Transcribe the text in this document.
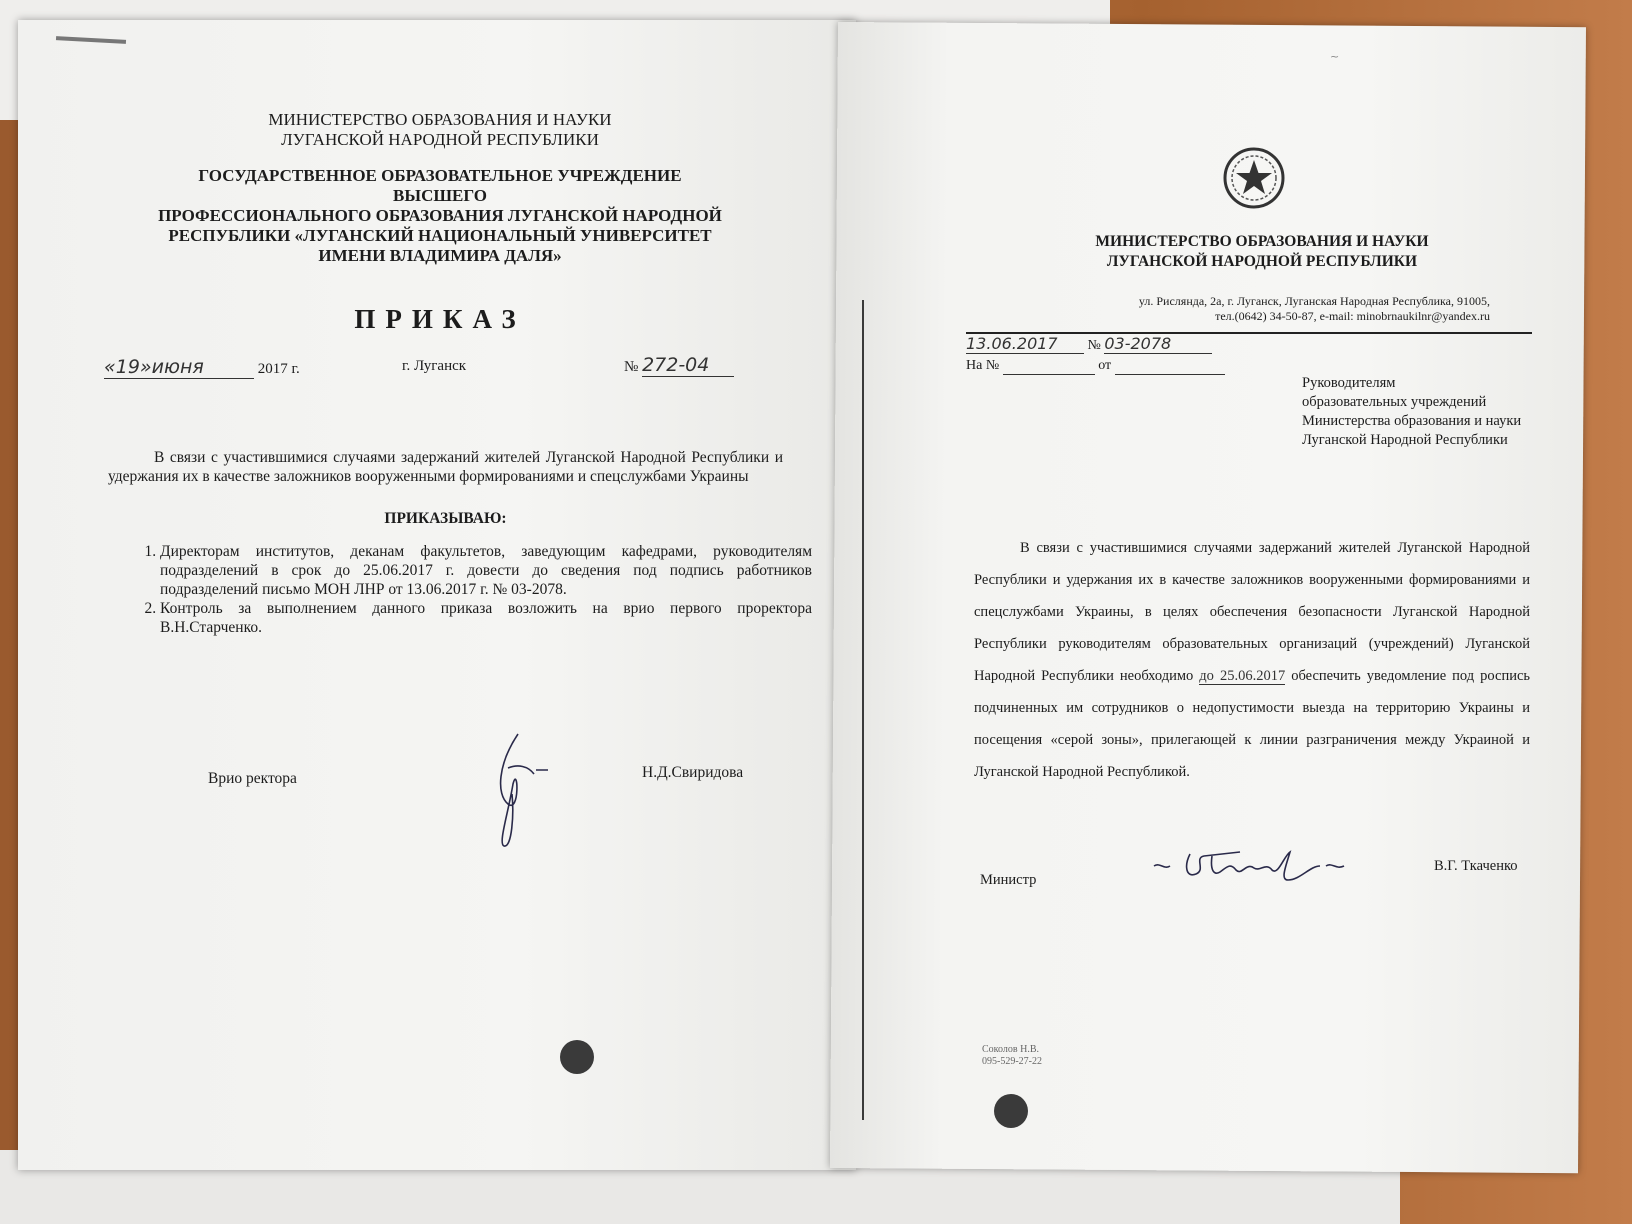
МИНИСТЕРСТВО ОБРАЗОВАНИЯ И НАУКИ
ЛУГАНСКОЙ НАРОДНОЙ РЕСПУБЛИКИ
ГОСУДАРСТВЕННОЕ ОБРАЗОВАТЕЛЬНОЕ УЧРЕЖДЕНИЕ
ВЫСШЕГО
ПРОФЕССИОНАЛЬНОГО ОБРАЗОВАНИЯ ЛУГАНСКОЙ НАРОДНОЙ
РЕСПУБЛИКИ «ЛУГАНСКИЙ НАЦИОНАЛЬНЫЙ УНИВЕРСИТЕТ
ИМЕНИ ВЛАДИМИРА ДАЛЯ»
ПРИКАЗ
«19»июня	2017 г.	г. Луганск	№ 272-04
В связи с участившимися случаями задержаний жителей Луганской Народной Республики и удержания их в качестве заложников вооруженными формированиями и спецслужбами Украины
ПРИКАЗЫВАЮ:
1. Директорам институтов, деканам факультетов, заведующим кафедрами, руководителям подразделений в срок до 25.06.2017 г. довести до сведения под подпись работников подразделений письмо МОН ЛНР от 13.06.2017 г. № 03-2078.
2. Контроль за выполнением данного приказа возложить на врио первого проректора В.Н.Старченко.
Врио ректора	Н.Д.Свиридова
~
МИНИСТЕРСТВО ОБРАЗОВАНИЯ И НАУКИ
ЛУГАНСКОЙ НАРОДНОЙ РЕСПУБЛИКИ
ул. Рисляндa, 2а, г. Луганск, Луганская Народная Республика, 91005,
тел.(0642) 34-50-87, e-mail: minobrnaukilnr@yandex.ru
13.06.2017 № 03-2078
На №	от
Руководителям
образовательных учреждений
Министерства образования и науки
Луганской Народной Республики
В связи с участившимися случаями задержаний жителей Луганской Народной Республики и удержания их в качестве заложников вооруженными формированиями и спецслужбами Украины, в целях обеспечения безопасности Луганской Народной Республики руководителям образовательных организаций (учреждений) Луганской Народной Республики необходимо до 25.06.2017 обеспечить уведомление под роспись подчиненных им сотрудников о недопустимости выезда на территорию Украины и посещения «серой зоны», прилегающей к линии разграничения между Украиной и Луганской Народной Республикой.
Министр
В.Г. Ткаченко
Соколов Н.В.
095-529-27-22
